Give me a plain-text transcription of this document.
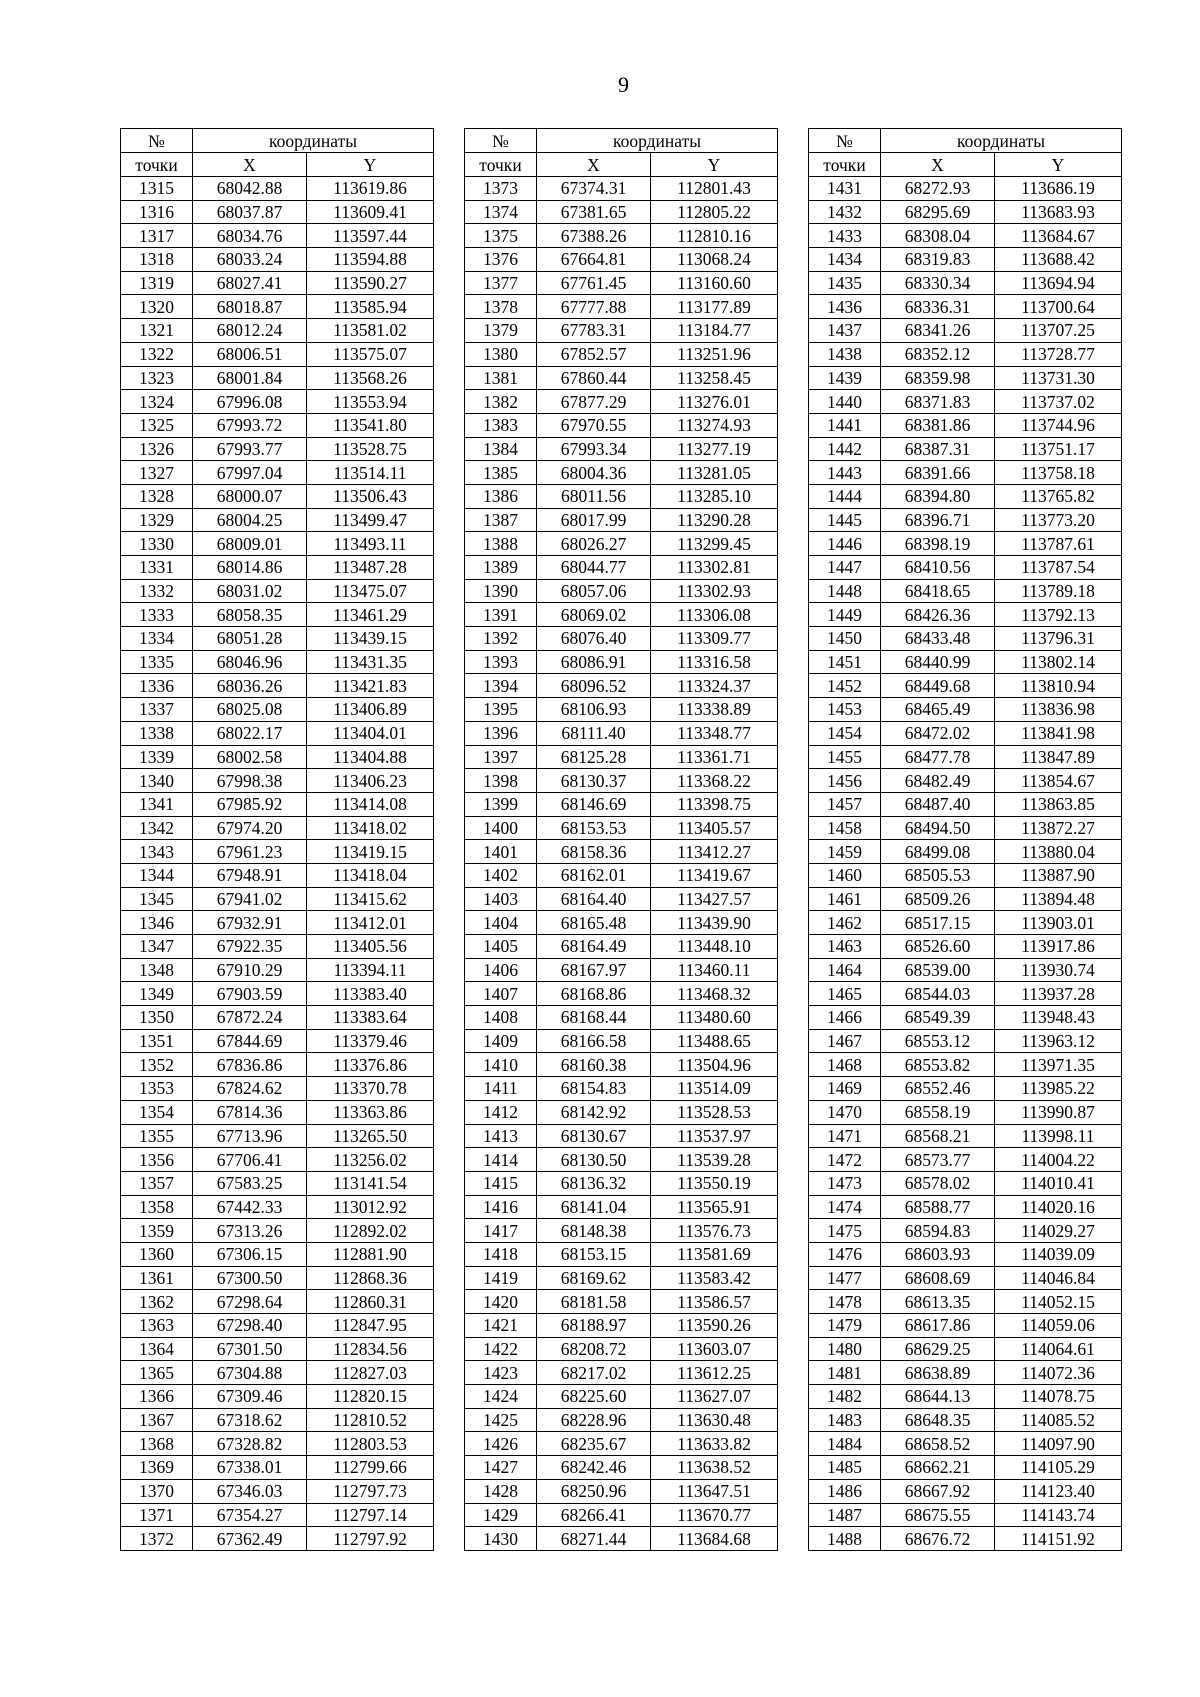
9
№	координаты	
точки	X	Y
1315	68042.88	113619.86
1316	68037.87	113609.41
1317	68034.76	113597.44
1318	68033.24	113594.88
1319	68027.41	113590.27
1320	68018.87	113585.94
1321	68012.24	113581.02
1322	68006.51	113575.07
1323	68001.84	113568.26
1324	67996.08	113553.94
1325	67993.72	113541.80
1326	67993.77	113528.75
1327	67997.04	113514.11
1328	68000.07	113506.43
1329	68004.25	113499.47
1330	68009.01	113493.11
1331	68014.86	113487.28
1332	68031.02	113475.07
1333	68058.35	113461.29
1334	68051.28	113439.15
1335	68046.96	113431.35
1336	68036.26	113421.83
1337	68025.08	113406.89
1338	68022.17	113404.01
1339	68002.58	113404.88
1340	67998.38	113406.23
1341	67985.92	113414.08
1342	67974.20	113418.02
1343	67961.23	113419.15
1344	67948.91	113418.04
1345	67941.02	113415.62
1346	67932.91	113412.01
1347	67922.35	113405.56
1348	67910.29	113394.11
1349	67903.59	113383.40
1350	67872.24	113383.64
1351	67844.69	113379.46
1352	67836.86	113376.86
1353	67824.62	113370.78
1354	67814.36	113363.86
1355	67713.96	113265.50
1356	67706.41	113256.02
1357	67583.25	113141.54
1358	67442.33	113012.92
1359	67313.26	112892.02
1360	67306.15	112881.90
1361	67300.50	112868.36
1362	67298.64	112860.31
1363	67298.40	112847.95
1364	67301.50	112834.56
1365	67304.88	112827.03
1366	67309.46	112820.15
1367	67318.62	112810.52
1368	67328.82	112803.53
1369	67338.01	112799.66
1370	67346.03	112797.73
1371	67354.27	112797.14
1372	67362.49	112797.92
№	координаты	
точки	X	Y
1373	67374.31	112801.43
1374	67381.65	112805.22
1375	67388.26	112810.16
1376	67664.81	113068.24
1377	67761.45	113160.60
1378	67777.88	113177.89
1379	67783.31	113184.77
1380	67852.57	113251.96
1381	67860.44	113258.45
1382	67877.29	113276.01
1383	67970.55	113274.93
1384	67993.34	113277.19
1385	68004.36	113281.05
1386	68011.56	113285.10
1387	68017.99	113290.28
1388	68026.27	113299.45
1389	68044.77	113302.81
1390	68057.06	113302.93
1391	68069.02	113306.08
1392	68076.40	113309.77
1393	68086.91	113316.58
1394	68096.52	113324.37
1395	68106.93	113338.89
1396	68111.40	113348.77
1397	68125.28	113361.71
1398	68130.37	113368.22
1399	68146.69	113398.75
1400	68153.53	113405.57
1401	68158.36	113412.27
1402	68162.01	113419.67
1403	68164.40	113427.57
1404	68165.48	113439.90
1405	68164.49	113448.10
1406	68167.97	113460.11
1407	68168.86	113468.32
1408	68168.44	113480.60
1409	68166.58	113488.65
1410	68160.38	113504.96
1411	68154.83	113514.09
1412	68142.92	113528.53
1413	68130.67	113537.97
1414	68130.50	113539.28
1415	68136.32	113550.19
1416	68141.04	113565.91
1417	68148.38	113576.73
1418	68153.15	113581.69
1419	68169.62	113583.42
1420	68181.58	113586.57
1421	68188.97	113590.26
1422	68208.72	113603.07
1423	68217.02	113612.25
1424	68225.60	113627.07
1425	68228.96	113630.48
1426	68235.67	113633.82
1427	68242.46	113638.52
1428	68250.96	113647.51
1429	68266.41	113670.77
1430	68271.44	113684.68
№	координаты	
точки	X	Y
1431	68272.93	113686.19
1432	68295.69	113683.93
1433	68308.04	113684.67
1434	68319.83	113688.42
1435	68330.34	113694.94
1436	68336.31	113700.64
1437	68341.26	113707.25
1438	68352.12	113728.77
1439	68359.98	113731.30
1440	68371.83	113737.02
1441	68381.86	113744.96
1442	68387.31	113751.17
1443	68391.66	113758.18
1444	68394.80	113765.82
1445	68396.71	113773.20
1446	68398.19	113787.61
1447	68410.56	113787.54
1448	68418.65	113789.18
1449	68426.36	113792.13
1450	68433.48	113796.31
1451	68440.99	113802.14
1452	68449.68	113810.94
1453	68465.49	113836.98
1454	68472.02	113841.98
1455	68477.78	113847.89
1456	68482.49	113854.67
1457	68487.40	113863.85
1458	68494.50	113872.27
1459	68499.08	113880.04
1460	68505.53	113887.90
1461	68509.26	113894.48
1462	68517.15	113903.01
1463	68526.60	113917.86
1464	68539.00	113930.74
1465	68544.03	113937.28
1466	68549.39	113948.43
1467	68553.12	113963.12
1468	68553.82	113971.35
1469	68552.46	113985.22
1470	68558.19	113990.87
1471	68568.21	113998.11
1472	68573.77	114004.22
1473	68578.02	114010.41
1474	68588.77	114020.16
1475	68594.83	114029.27
1476	68603.93	114039.09
1477	68608.69	114046.84
1478	68613.35	114052.15
1479	68617.86	114059.06
1480	68629.25	114064.61
1481	68638.89	114072.36
1482	68644.13	114078.75
1483	68648.35	114085.52
1484	68658.52	114097.90
1485	68662.21	114105.29
1486	68667.92	114123.40
1487	68675.55	114143.74
1488	68676.72	114151.92
